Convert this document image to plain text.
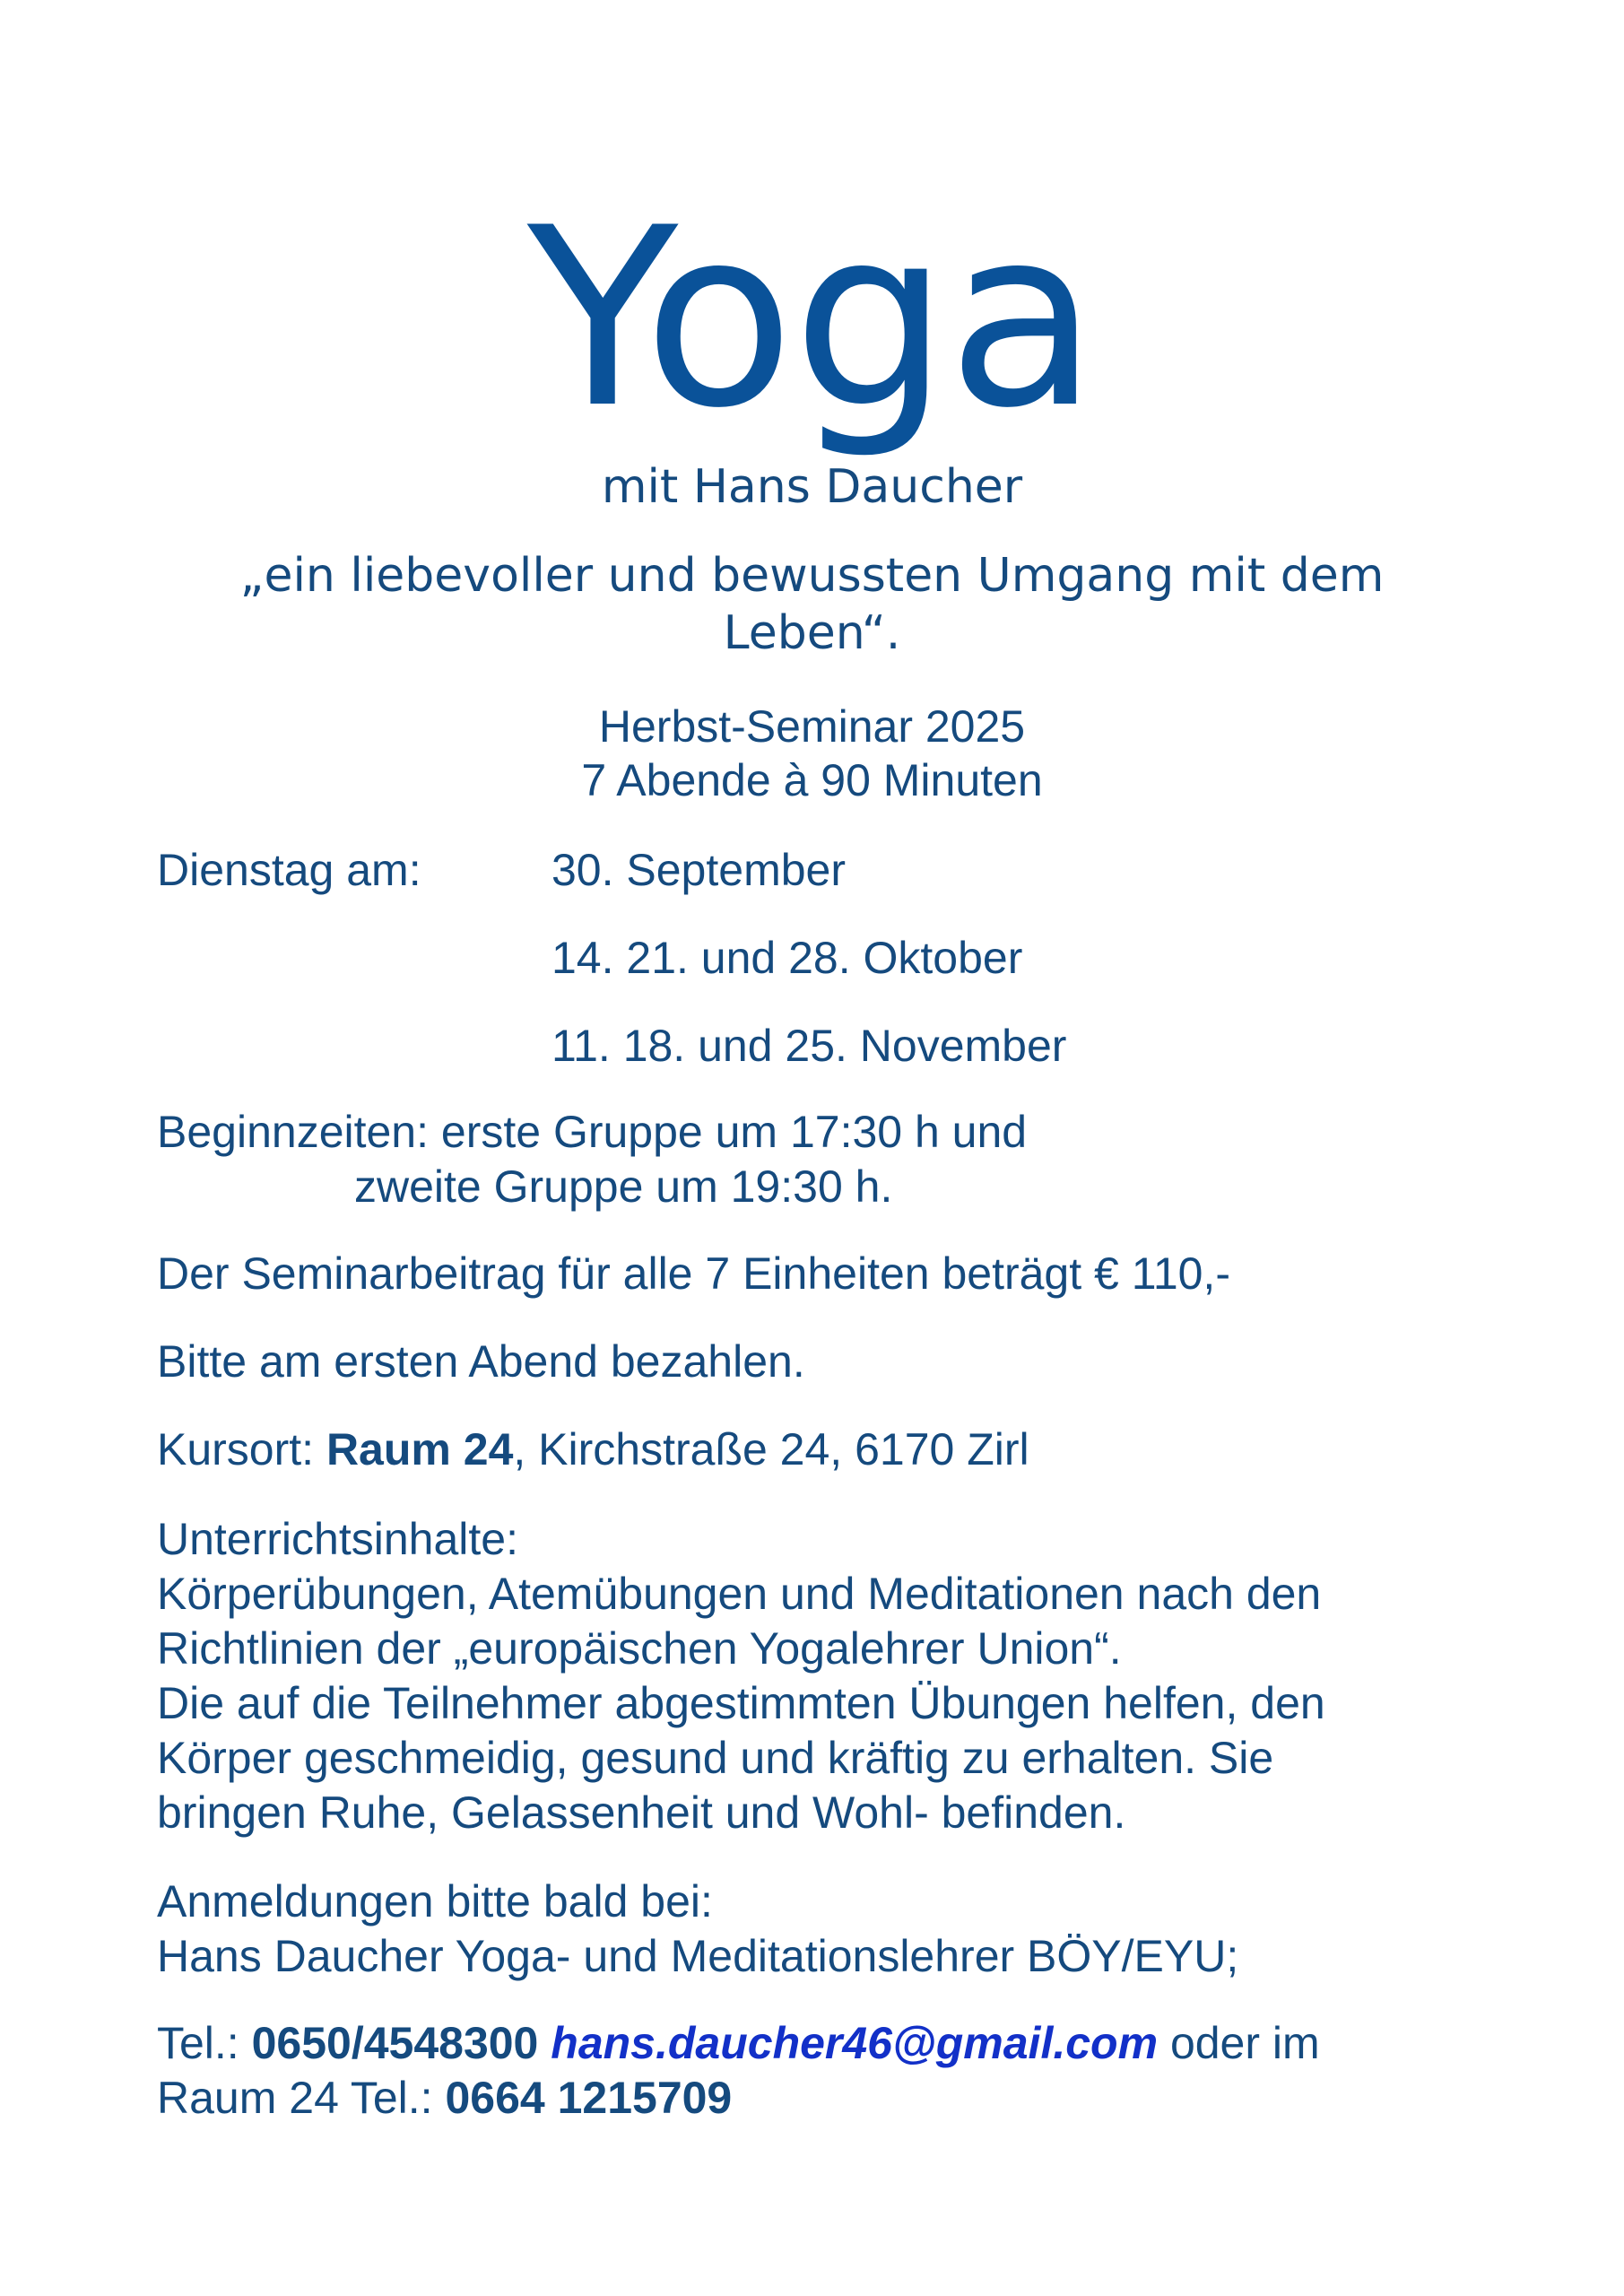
Yoga
mit Hans Daucher
„ein liebevoller und bewussten Umgang mit dem Leben“.
Herbst-Seminar 2025
7 Abende à 90 Minuten
Dienstag am:	30. September
14. 21. und 28. Oktober
11. 18. und 25. November
Beginnzeiten: erste Gruppe um 17:30 h und
zweite Gruppe um 19:30 h.
Der Seminarbeitrag für alle 7 Einheiten beträgt € 110,-
Bitte am ersten Abend bezahlen.
Kursort: Raum 24, Kirchstraße 24, 6170 Zirl
Unterrichtsinhalte:
Körperübungen, Atemübungen und Meditationen nach den
Richtlinien der „europäischen Yogalehrer Union“.
Die auf die Teilnehmer abgestimmten Übungen helfen, den
Körper geschmeidig, gesund und kräftig zu erhalten. Sie
bringen Ruhe, Gelassenheit und Wohl- befinden.
Anmeldungen bitte bald bei:
Hans Daucher Yoga- und Meditationslehrer BÖY/EYU;
Tel.: 0650/4548300 hans.daucher46@gmail.com oder im
Raum 24 Tel.: 0664 1215709
